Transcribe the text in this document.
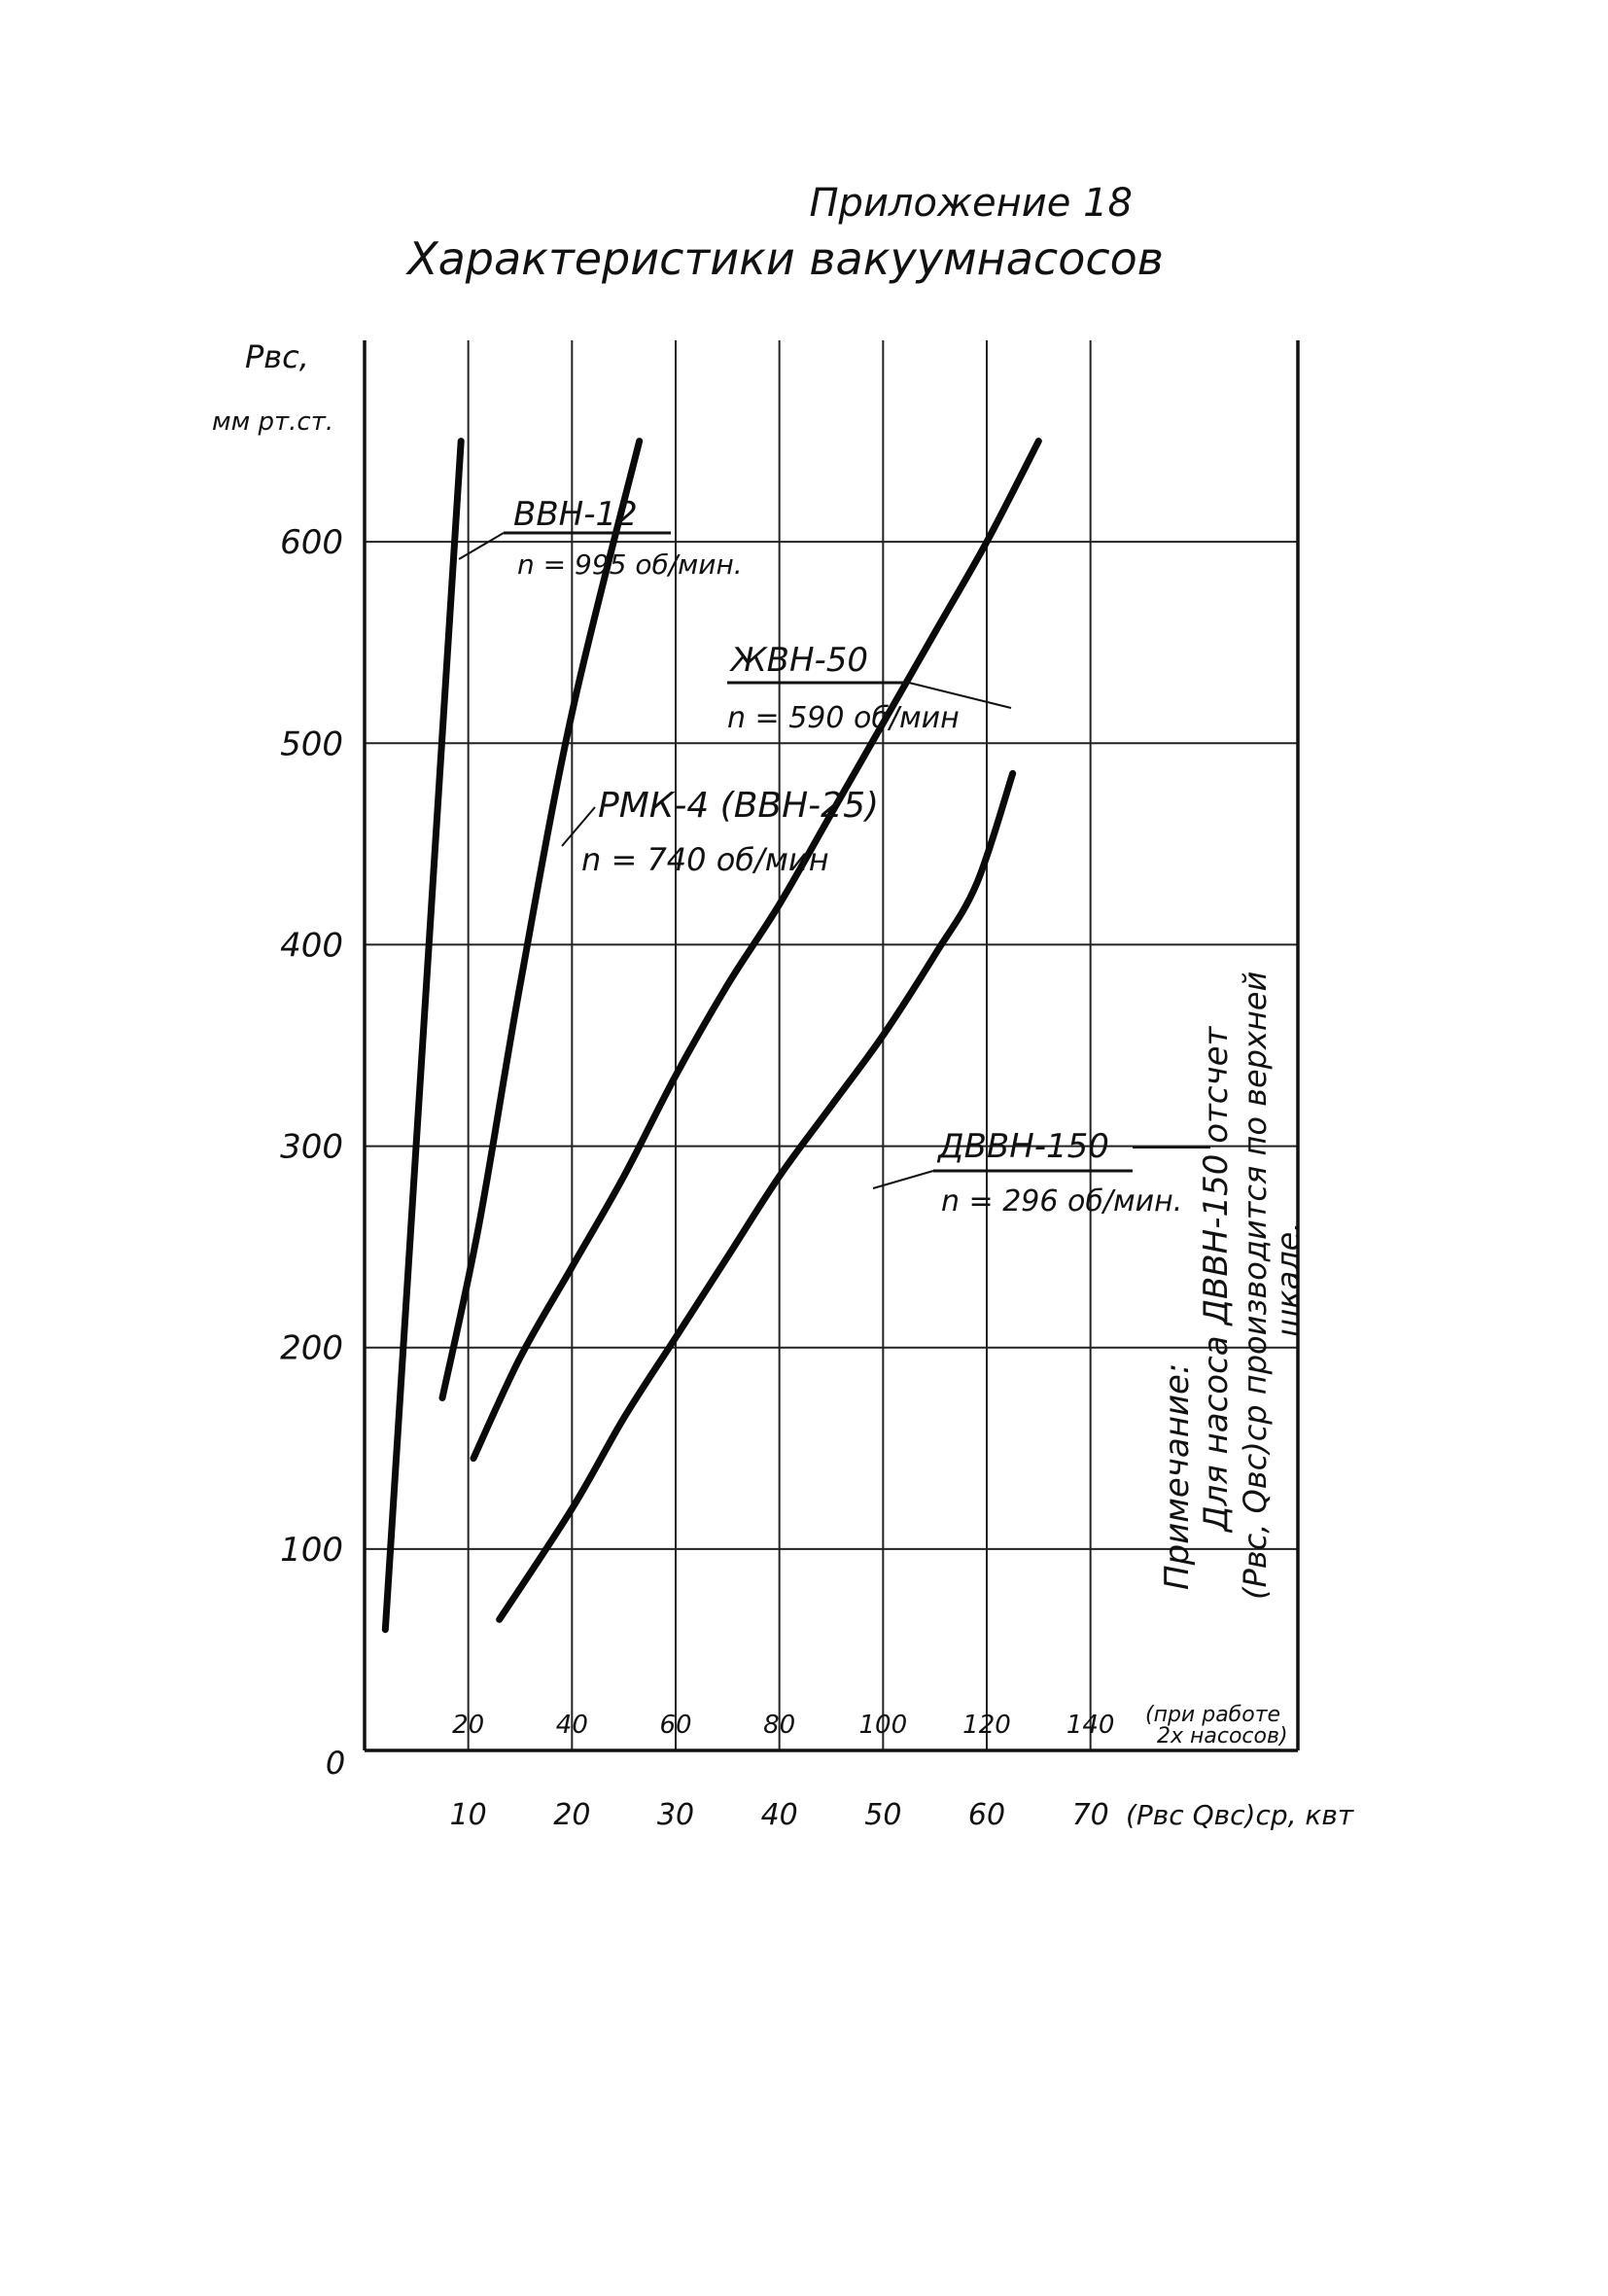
Приложение 18
Характеристики вакуумнасосов
100
200
300
400
500
600
10 20 30 40 50 60 70
20	40	60	80	100 120 140
Pвс,
мм рт.ст.
0
(Pвс Qвс)ср, квт
(при работе
2х насосов)
ВВН-12
n = 995 об/мин.
РМК-4 (ВВН-25)
n = 740 об/мин
ЖВН-50
n = 590 об/мин
ДВВН-150
n = 296 об/мин.
Примечание: Для насоса ДВВН-150 отсчет (Pвс, Qвс)ср производится по верхней
шкале.
